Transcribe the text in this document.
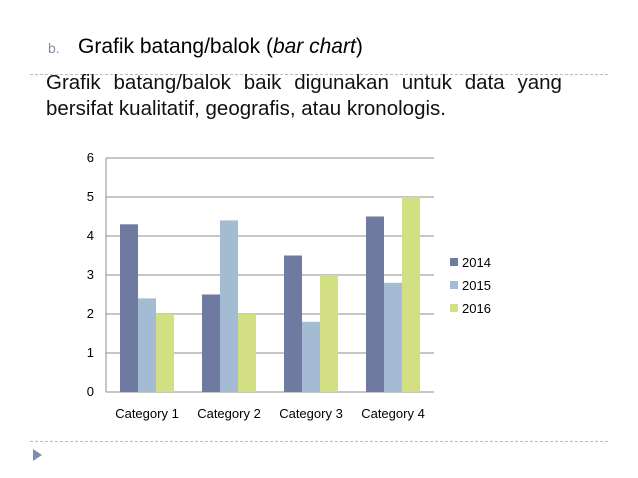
b. Grafik batang/balok (bar chart)
Grafik batang/balok baik digunakan untuk data yang
bersifat kualitatif, geografis, atau kronologis.
0
1
2
3
4
5
6
Category 1 Category 2 Category 3 Category 4
2014
2015
2016
